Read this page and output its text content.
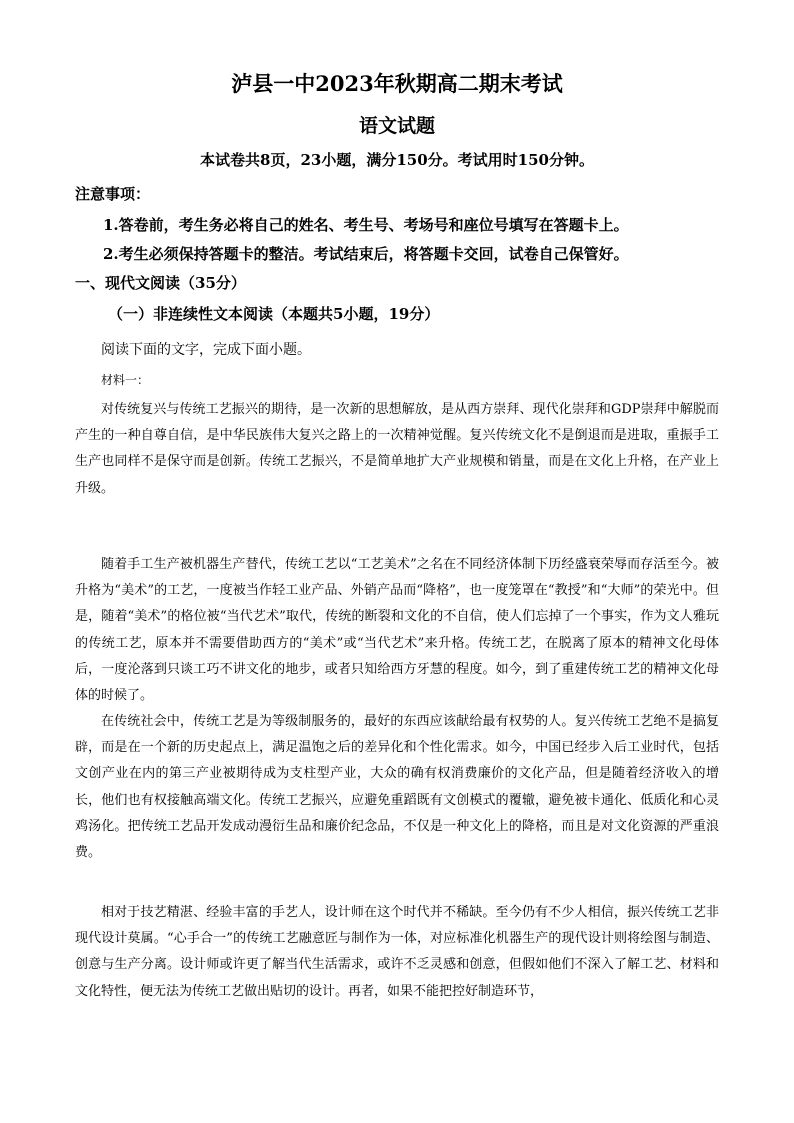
泸县一中2023年秋期高二期末考试
语文试题
本试卷共8页，23小题，满分150分。考试用时150分钟。
注意事项：
1.答卷前，考生务必将自己的姓名、考生号、考场号和座位号填写在答题卡上。
2.考生必须保持答题卡的整洁。考试结束后，将答题卡交回，试卷自己保管好。
一、现代文阅读（35分）
（一）非连续性文本阅读（本题共5小题，19分）
阅读下面的文字，完成下面小题。
材料一：

对传统复兴与传统工艺振兴的期待，是一次新的思想解放，是从西方崇拜、现代化崇拜和GDP崇拜中解脱而产生的一种自尊自信，是中华民族伟大复兴之路上的一次精神觉醒。复兴传统文化不是倒退而是进取，重振手工生产也同样不是保守而是创新。传统工艺振兴，不是简单地扩大产业规模和销量，而是在文化上升格，在产业上升级。

随着手工生产被机器生产替代，传统工艺以“工艺美术”之名在不同经济体制下历经盛衰荣辱而存活至今。被升格为“美术”的工艺，一度被当作轻工业产品、外销产品而“降格”，也一度笼罩在“教授”和“大师”的荣光中。但是，随着“美术”的格位被“当代艺术”取代，传统的断裂和文化的不自信，使人们忘掉了一个事实，作为文人雅玩的传统工艺，原本并不需要借助西方的“美术”或“当代艺术”来升格。传统工艺，在脱离了原本的精神文化母体后，一度沦落到只谈工巧不讲文化的地步，或者只知给西方牙慧的程度。如今，到了重建传统工艺的精神文化母体的时候了。

在传统社会中，传统工艺是为等级制服务的，最好的东西应该献给最有权势的人。复兴传统工艺绝不是搞复辟，而是在一个新的历史起点上，满足温饱之后的差异化和个性化需求。如今，中国已经步入后工业时代，包括文创产业在内的第三产业被期待成为支柱型产业，大众的确有权消费廉价的文化产品，但是随着经济收入的增长，他们也有权接触高端文化。传统工艺振兴，应避免重蹈既有文创模式的覆辙，避免被卡通化、低质化和心灵鸡汤化。把传统工艺品开发成动漫衍生品和廉价纪念品，不仅是一种文化上的降格，而且是对文化资源的严重浪费。

相对于技艺精湛、经验丰富的手艺人，设计师在这个时代并不稀缺。至今仍有不少人相信，振兴传统工艺非现代设计莫属。“心手合一”的传统工艺融意匠与制作为一体，对应标准化机器生产的现代设计则将绘图与制造、创意与生产分离。设计师或许更了解当代生活需求，或许不乏灵感和创意，但假如他们不深入了解工艺、材料和文化特性，便无法为传统工艺做出贴切的设计。再者，如果不能把控好制造环节，
